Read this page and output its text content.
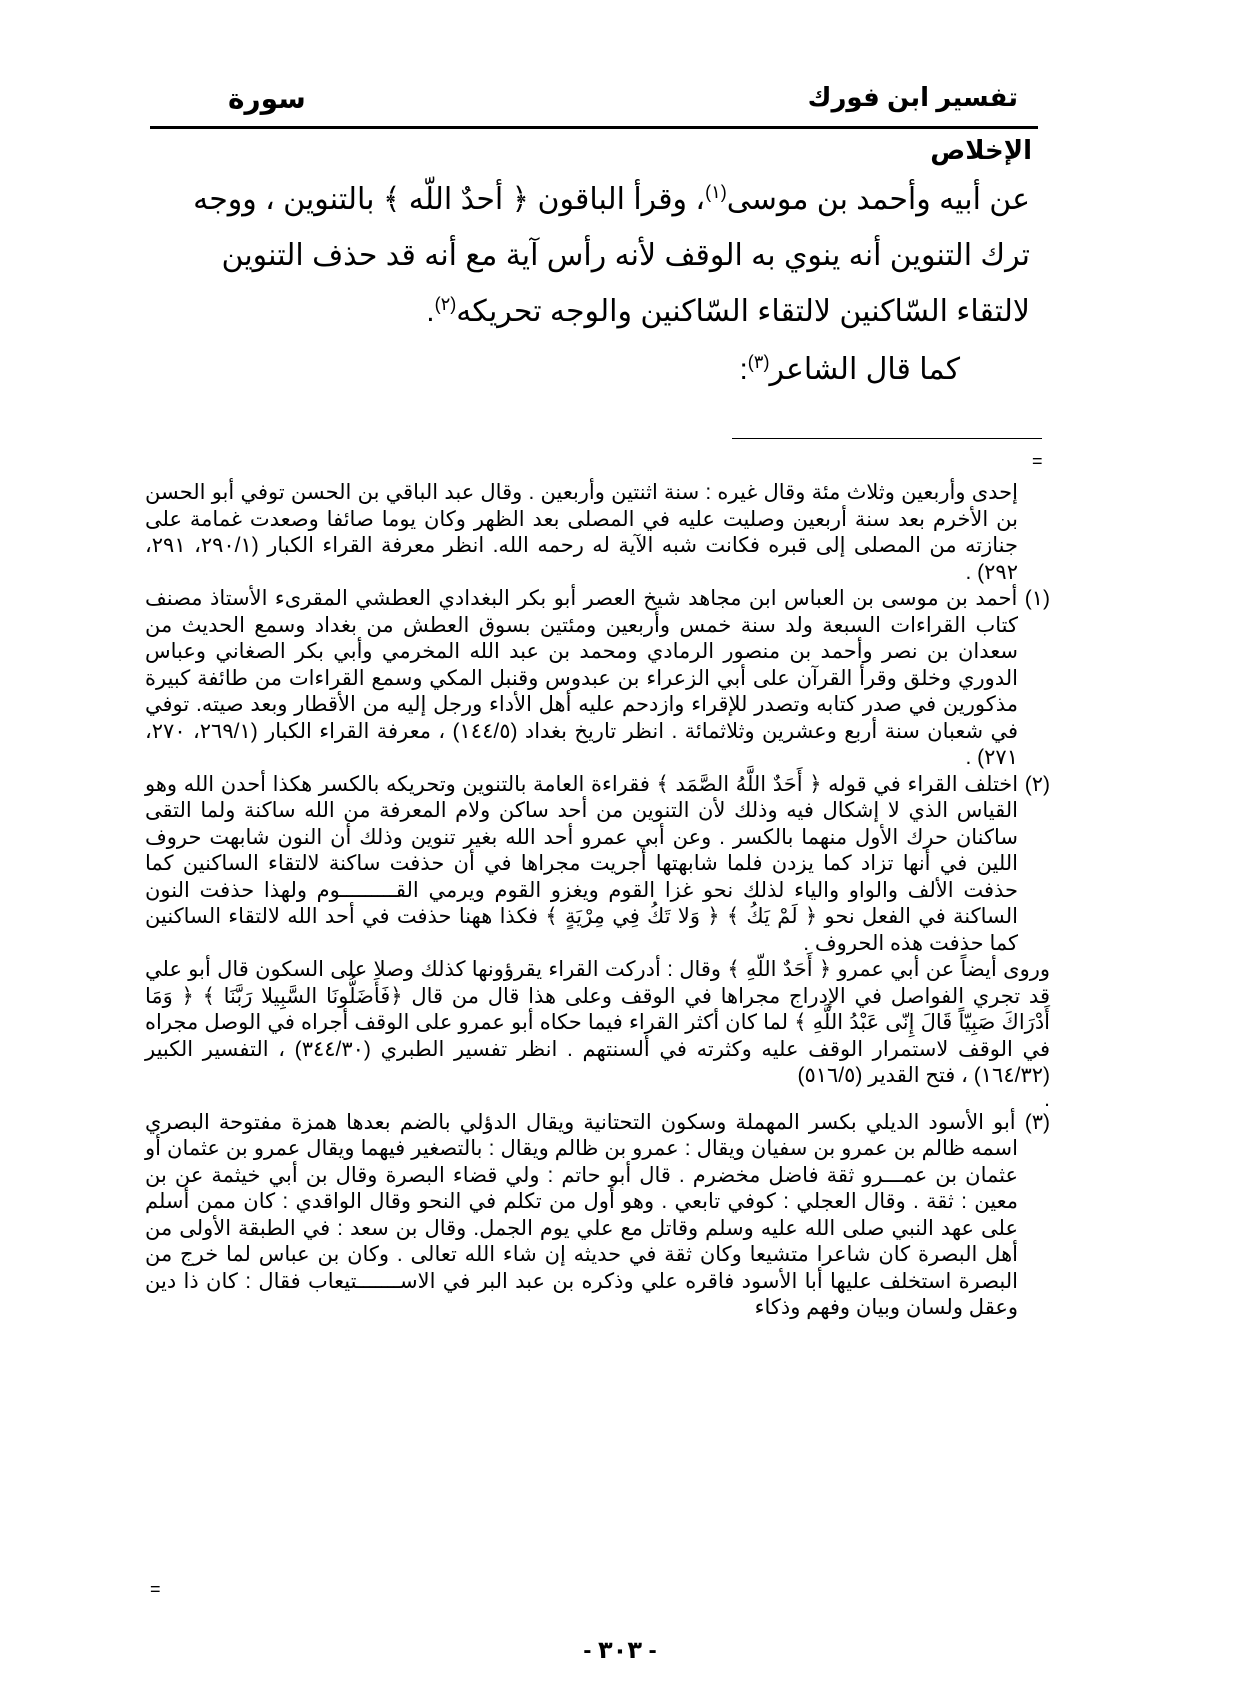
تفسير ابن فورك
سورة
الإخلاص

عن أبيه وأحمد بن موسى$^{(١)}$، وقرأ الباقون ﴿ أحدٌ اللّه ﴾ بالتنوين ، ووجه ترك التنوين أنه ينوي به الوقف لأنه رأس آية مع أنه قد حذف التنوين لالتقاء السّاكنين لالتقاء السّاكنين والوجه تحريكه$^{(٢)}$.

كما قال الشاعر$^{(٣)}$:

=

إحدى وأربعين وثلاث مئة وقال غيره : سنة اثنتين وأربعين . وقال عبد الباقي بن الحسن توفي أبو الحسن بن الأخرم بعد سنة أربعين وصليت عليه في المصلى بعد الظهر وكان يوما صائفا وصعدت غمامة على جنازته من المصلى إلى قبره فكانت شبه الآية له رحمه الله. انظر معرفة القراء الكبار (٢٩٠/١، ٢٩١، ٢٩٢) .

(١) أحمد بن موسى بن العباس ابن مجاهد شيخ العصر أبو بكر البغدادي العطشي المقرىء الأستاذ مصنف كتاب القراءات السبعة ولد سنة خمس وأربعين ومئتين بسوق العطش من بغداد وسمع الحديث من سعدان بن نصر وأحمد بن منصور الرمادي ومحمد بن عبد الله المخرمي وأبي بكر الصغاني وعباس الدوري وخلق وقرأ القرآن على أبي الزعراء بن عبدوس وقنبل المكي وسمع القراءات من طائفة كبيرة مذكورين في صدر كتابه وتصدر للإقراء وازدحم عليه أهل الأداء ورجل إليه من الأقطار وبعد صيته. توفي في شعبان سنة أربع وعشرين وثلاثمائة . انظر تاريخ بغداد (١٤٤/٥) ، معرفة القراء الكبار (٢٦٩/١، ٢٧٠، ٢٧١) .

(٢) اختلف القراء في قوله ﴿ أَحَدٌ اللَّهُ الصَّمَد ﴾ فقراءة العامة بالتنوين وتحريكه بالكسر هكذا أحدن الله وهو القياس الذي لا إشكال فيه وذلك لأن التنوين من أحد ساكن ولام المعرفة من الله ساكنة ولما التقى ساكنان حرك الأول منهما بالكسر . وعن أبي عمرو أحد الله بغير تنوين وذلك أن النون شابهت حروف اللين في أنها تزاد كما يزدن فلما شابهتها أجريت مجراها في أن حذفت ساكنة لالتقاء الساكنين كما حذفت الألف والواو والياء لذلك نحو غزا القوم ويغزو القوم ويرمي القـــــــــوم ولهذا حذفت النون الساكنة في الفعل نحو ﴿ لَمْ يَكُ ﴾ ﴿ وَلا تَكُ فِي مِرْيَةٍ ﴾ فكذا ههنا حذفت في أحد الله لالتقاء الساكنين كما حذفت هذه الحروف .

وروى أيضاً عن أبي عمرو ﴿ أَحَدٌ اللّهِ ﴾ وقال : أدركت القراء يقرؤونها كذلك وصلا على السكون قال أبو علي قد تجري الفواصل في الإدراج مجراها في الوقف وعلى هذا قال من قال ﴿فَأَضَلُّونَا السَّبِيلا رَبَّنَا ﴾ ﴿ وَمَا أَدْرَاكَ صَبِيّاً قَالَ إِنّى عَبْدُ اللَّهِ ﴾ لما كان أكثر القراء فيما حكاه أبو عمرو على الوقف أجراه في الوصل مجراه في الوقف لاستمرار الوقف عليه وكثرته في ألسنتهم . انظر تفسير الطبري (٣٤٤/٣٠) ، التفسير الكبير (١٦٤/٣٢) ، فتح القدير (٥١٦/٥)

.

(٣) أبو الأسود الديلي بكسر المهملة وسكون التحتانية ويقال الدؤلي بالضم بعدها همزة مفتوحة البصري اسمه ظالم بن عمرو بن سفيان ويقال : عمرو بن ظالم ويقال : بالتصغير فيهما ويقال عمرو بن عثمان أو عثمان بن عمـــرو ثقة فاضل مخضرم . قال أبو حاتم : ولي قضاء البصرة وقال بن أبي خيثمة عن بن معين : ثقة . وقال العجلي : كوفي تابعي . وهو أول من تكلم في النحو وقال الواقدي : كان ممن أسلم على عهد النبي صلى الله عليه وسلم وقاتل مع علي يوم الجمل. وقال بن سعد : في الطبقة الأولى من أهل البصرة كان شاعرا متشيعا وكان ثقة في حديثه إن شاء الله تعالى . وكان بن عباس لما خرج من البصرة استخلف عليها أبا الأسود فاقره علي وذكره بن عبد البر في الاســـــــتيعاب فقال : كان ذا دين وعقل ولسان وبيان وفهم وذكاء

=
- ٣٠٣ -
